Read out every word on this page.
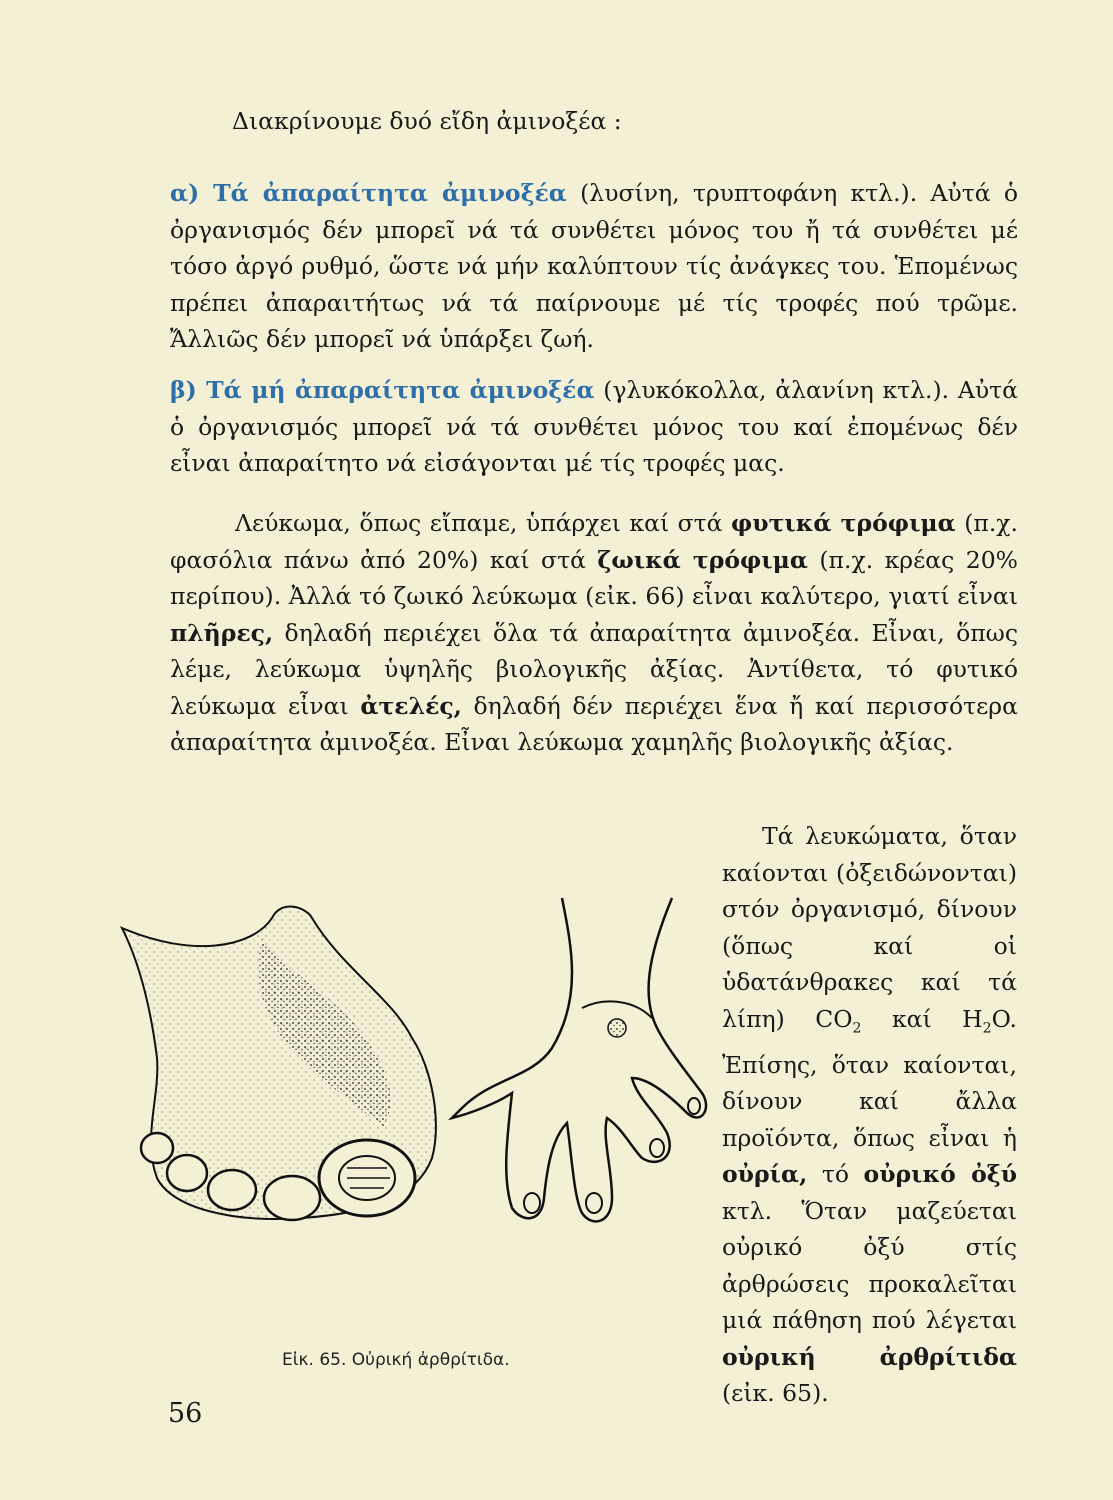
Διακρίνουμε δυό εἴδη ἀμινοξέα :

α) Τά ἀπαραίτητα ἀμινοξέα (λυσίνη, τρυπτοφάνη κτλ.). Αὐτά ὁ ὀργανισμός δέν μπορεῖ νά τά συνθέτει μόνος του ἤ τά συνθέτει μέ τόσο ἀργό ρυθμό, ὥστε νά μήν καλύπτουν τίς ἀνάγκες του. Ἑπομένως πρέπει ἀπαραιτήτως νά τά παίρνουμε μέ τίς τροφές πού τρῶμε. Ἄλλιῶς δέν μπορεῖ νά ὑπάρξει ζωή.

β) Τά μή ἀπαραίτητα ἀμινοξέα (γλυκόκολλα, ἀλανίνη κτλ.). Αὐτά ὁ ὀργανισμός μπορεῖ νά τά συνθέτει μόνος του καί ἐπομένως δέν εἶναι ἀπαραίτητο νά εἰσάγονται μέ τίς τροφές μας.

Λεύκωμα, ὅπως εἴπαμε, ὑπάρχει καί στά φυτικά τρόφιμα (π.χ. φασόλια πάνω ἀπό 20%) καί στά ζωικά τρόφιμα (π.χ. κρέας 20% περίπου). Ἀλλά τό ζωικό λεύκωμα (εἰκ. 66) εἶναι καλύτερο, γιατί εἶναι πλῆρες, δηλαδή περιέχει ὅλα τά ἀπαραίτητα ἀμινοξέα. Εἶναι, ὅπως λέμε, λεύκωμα ὑψηλῆς βιολογικῆς ἀξίας. Ἀντίθετα, τό φυτικό λεύκωμα εἶναι ἀτελές, δηλαδή δέν περιέχει ἕνα ἤ καί περισσότερα ἀπαραίτητα ἀμινοξέα. Εἶναι λεύκωμα χαμηλῆς βιολογικῆς ἀξίας.

Τά λευκώματα, ὅταν καίονται (ὀξειδώνονται) στόν ὀργανισμό, δίνουν (ὅπως καί οἱ ὑδατάνθρακες καί τά λίπη) $CO_2$ καί $H_2O$. Ἐπίσης, ὅταν καίονται, δίνουν καί ἄλλα προϊόντα, ὅπως εἶναι ἡ οὐρία, τό οὐρικό ὀξύ κτλ. Ὅταν μαζεύεται οὐρικό ὀξύ στίς ἀρθρώσεις προκαλεῖται μιά πάθηση πού λέγεται οὐρική ἀρθρίτιδα (εἰκ. 65).

Εἰκ. 65. Οὐρική ἀρθρίτιδα.
56
